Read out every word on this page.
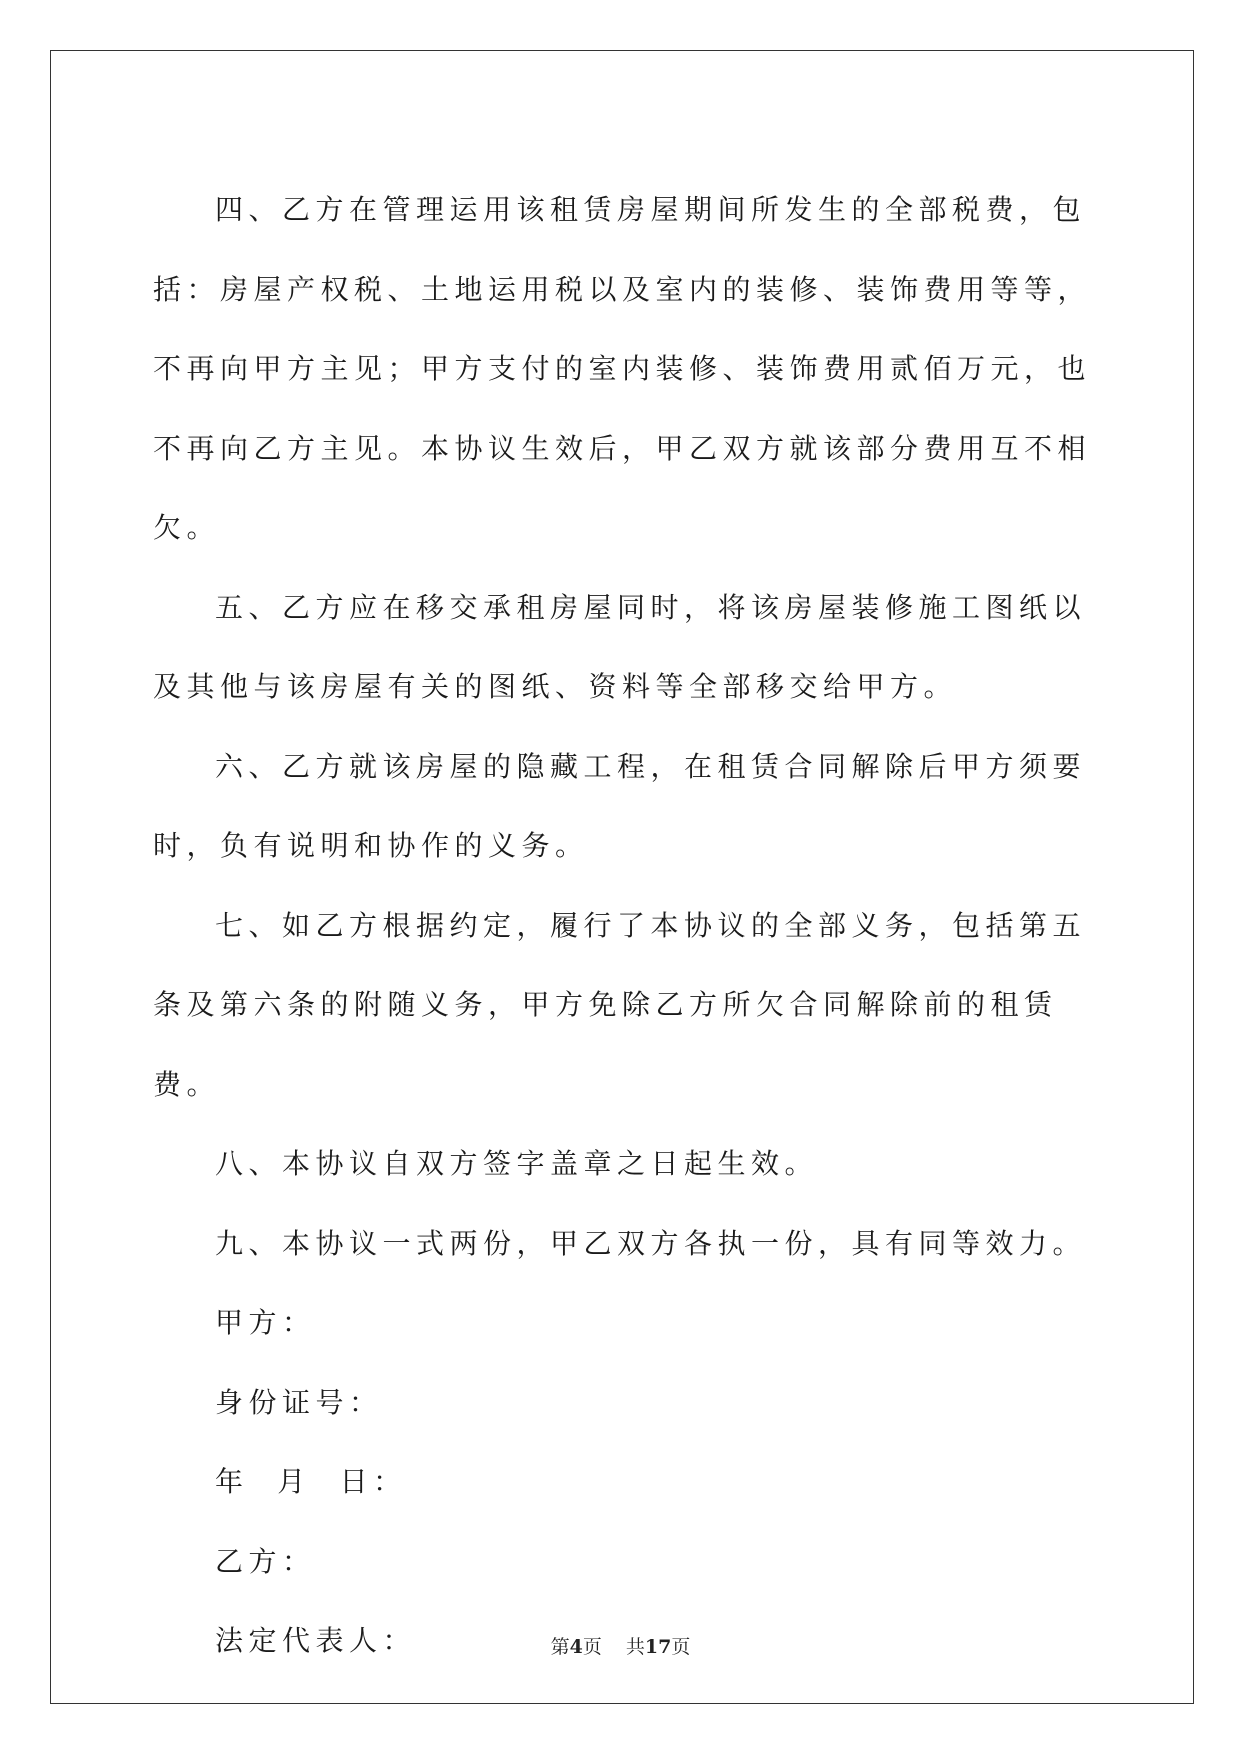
四、乙方在管理运用该租赁房屋期间所发生的全部税费，包括：房屋产权税、土地运用税以及室内的装修、装饰费用等等，不再向甲方主见；甲方支付的室内装修、装饰费用贰佰万元，也不再向乙方主见。本协议生效后，甲乙双方就该部分费用互不相欠。

五、乙方应在移交承租房屋同时，将该房屋装修施工图纸以及其他与该房屋有关的图纸、资料等全部移交给甲方。

六、乙方就该房屋的隐藏工程，在租赁合同解除后甲方须要时，负有说明和协作的义务。

七、如乙方根据约定，履行了本协议的全部义务，包括第五条及第六条的附随义务，甲方免除乙方所欠合同解除前的租赁费。

八、本协议自双方签字盖章之日起生效。

九、本协议一式两份，甲乙双方各执一份，具有同等效力。

甲方：

身份证号：

年  月  日：

乙方：

法定代表人：	第4页 共17页
